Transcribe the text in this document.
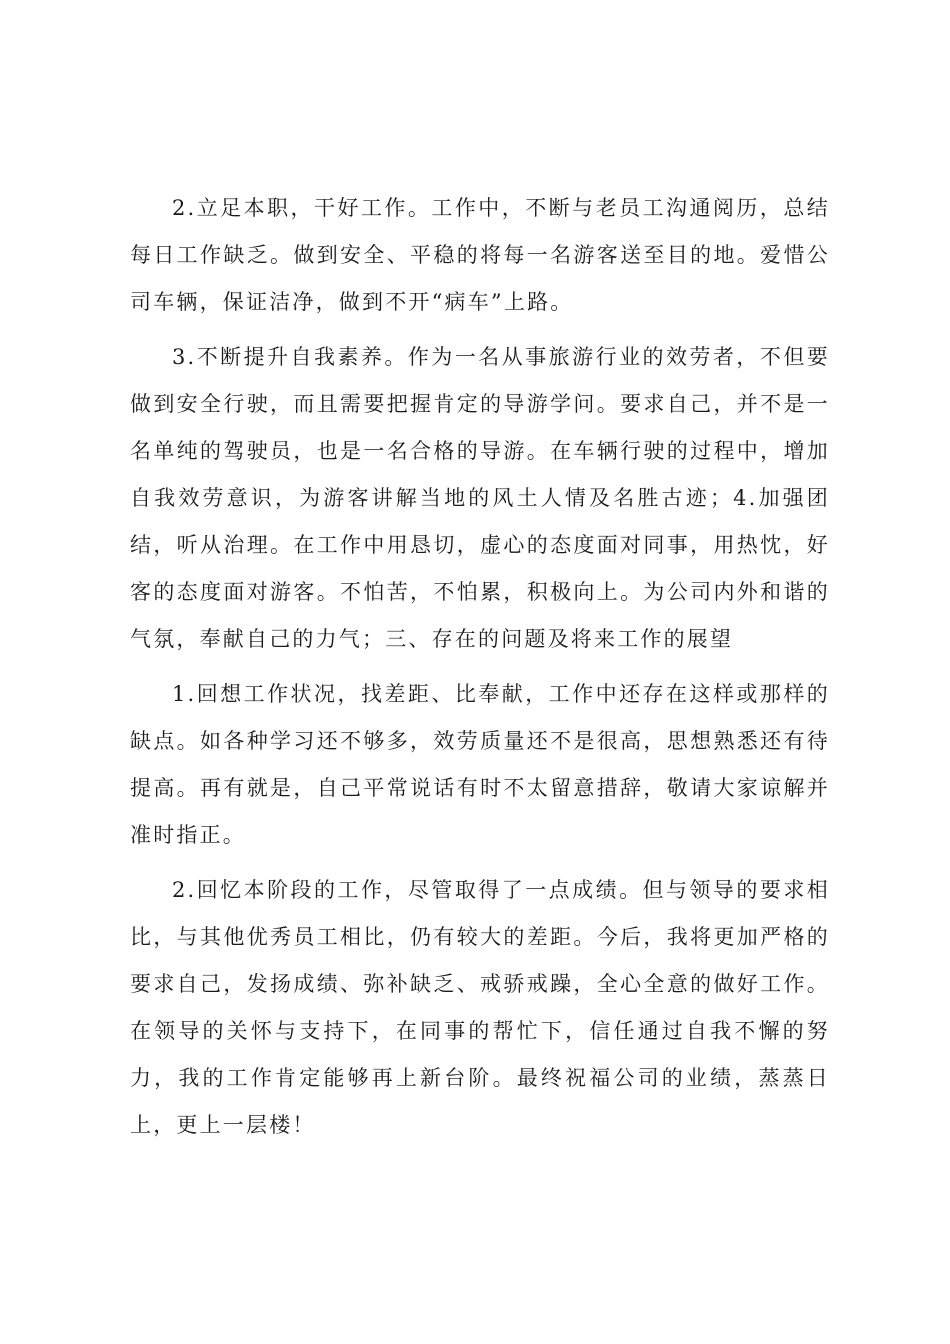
2.立足本职，干好工作。工作中，不断与老员工沟通阅历，总结每日工作缺乏。做到安全、平稳的将每一名游客送至目的地。爱惜公司车辆，保证洁净，做到不开“病车”上路。

3.不断提升自我素养。作为一名从事旅游行业的效劳者，不但要做到安全行驶，而且需要把握肯定的导游学问。要求自己，并不是一名单纯的驾驶员，也是一名合格的导游。在车辆行驶的过程中，增加自我效劳意识，为游客讲解当地的风土人情及名胜古迹；4.加强团结，听从治理。在工作中用恳切，虚心的态度面对同事，用热忱，好客的态度面对游客。不怕苦，不怕累，积极向上。为公司内外和谐的气氛，奉献自己的力气；三、存在的问题及将来工作的展望

1.回想工作状况，找差距、比奉献，工作中还存在这样或那样的缺点。如各种学习还不够多，效劳质量还不是很高，思想熟悉还有待提高。再有就是，自己平常说话有时不太留意措辞，敬请大家谅解并准时指正。

2.回忆本阶段的工作，尽管取得了一点成绩。但与领导的要求相比，与其他优秀员工相比，仍有较大的差距。今后，我将更加严格的要求自己，发扬成绩、弥补缺乏、戒骄戒躁，全心全意的做好工作。在领导的关怀与支持下，在同事的帮忙下，信任通过自我不懈的努力，我的工作肯定能够再上新台阶。最终祝福公司的业绩，蒸蒸日上，更上一层楼！
